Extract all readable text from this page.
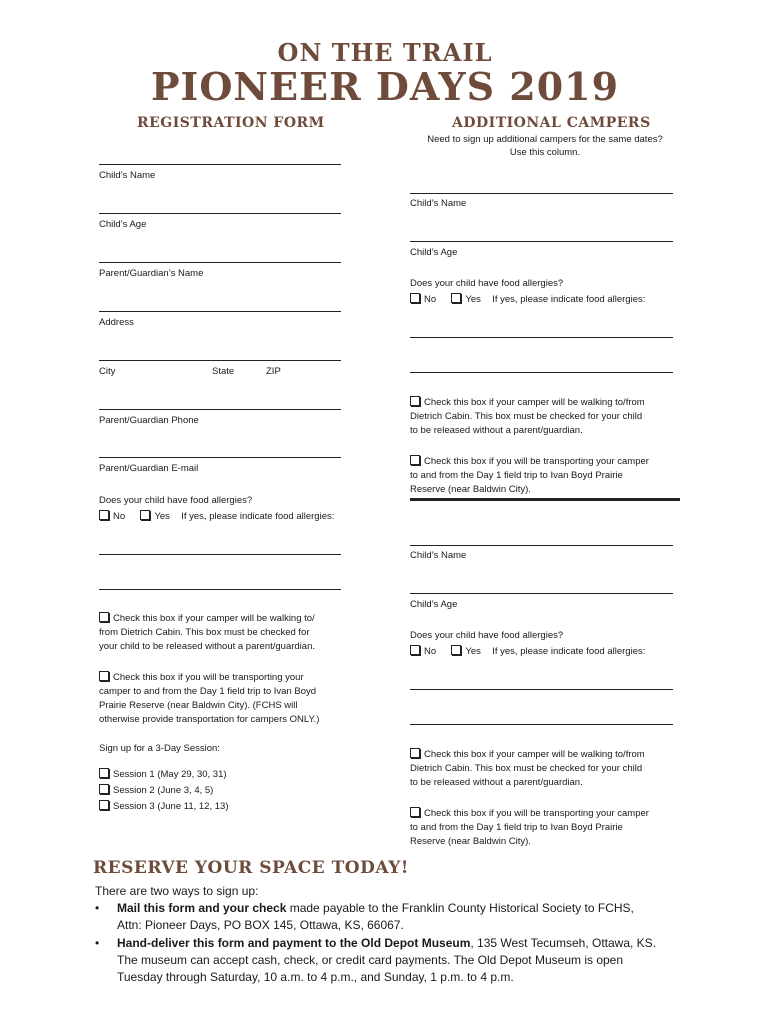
ON THE TRAIL
PIONEER DAYS 2019
REGISTRATION FORM
Child’s Name
Child’s Age
Parent/Guardian’s Name
Address
City	State	ZIP
Parent/Guardian Phone
Parent/Guardian E-mail
Does your child have food allergies?
No	Yes If yes, please indicate food allergies:
Check this box if your camper will be walking to/
from Dietrich Cabin. This box must be checked for
your child to be released without a parent/guardian.
Check this box if you will be transporting your
camper to and from the Day 1 field trip to Ivan Boyd
Prairie Reserve (near Baldwin City). (FCHS will
otherwise provide transportation for campers ONLY.)
Sign up for a 3-Day Session:
Session 1 (May 29, 30, 31)
Session 2 (June 3, 4, 5)
Session 3 (June 11, 12, 13)
ADDITIONAL CAMPERS
Need to sign up additional campers for the same dates?
Use this column.
Child’s Name
Child’s Age
Does your child have food allergies?
No	Yes If yes, please indicate food allergies:
Check this box if your camper will be walking to/from
Dietrich Cabin. This box must be checked for your child
to be released without a parent/guardian.
Check this box if you will be transporting your camper
to and from the Day 1 field trip to Ivan Boyd Prairie
Reserve (near Baldwin City).
Child’s Name
Child’s Age
Does your child have food allergies?
No	Yes If yes, please indicate food allergies:
Check this box if your camper will be walking to/from
Dietrich Cabin. This box must be checked for your child
to be released without a parent/guardian.
Check this box if you will be transporting your camper
to and from the Day 1 field trip to Ivan Boyd Prairie
Reserve (near Baldwin City).
RESERVE YOUR SPACE TODAY!
There are two ways to sign up:
• Mail this form and your check made payable to the Franklin County Historical Society to FCHS,
Attn: Pioneer Days, PO BOX 145, Ottawa, KS, 66067.
• Hand-deliver this form and payment to the Old Depot Museum, 135 West Tecumseh, Ottawa, KS.
The museum can accept cash, check, or credit card payments. The Old Depot Museum is open
Tuesday through Saturday, 10 a.m. to 4 p.m., and Sunday, 1 p.m. to 4 p.m.
